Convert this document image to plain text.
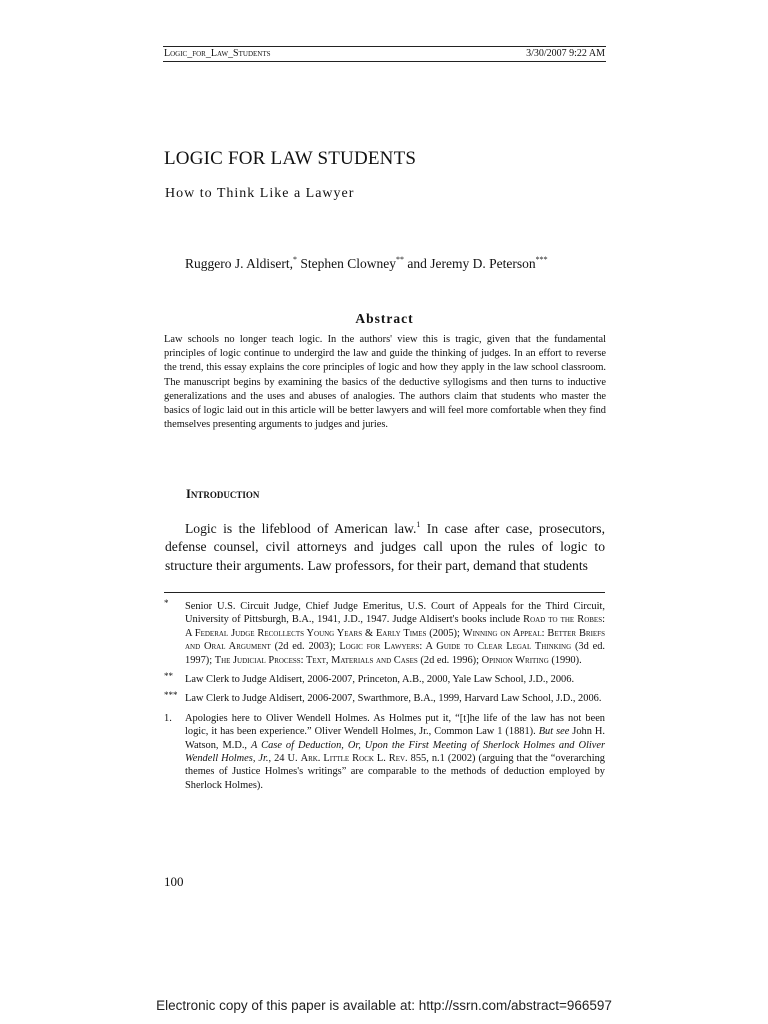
Logic_for_Law_Students	3/30/2007 9:22 AM
LOGIC FOR LAW STUDENTS
How to Think Like a Lawyer
Ruggero J. Aldisert,* Stephen Clowney** and Jeremy D. Peterson***
Abstract
Law schools no longer teach logic. In the authors' view this is tragic, given that the fundamental principles of logic continue to undergird the law and guide the thinking of judges. In an effort to reverse the trend, this essay explains the core principles of logic and how they apply in the law school classroom. The manuscript begins by examining the basics of the deductive syllogisms and then turns to inductive generalizations and the uses and abuses of analogies. The authors claim that students who master the basics of logic laid out in this article will be better lawyers and will feel more comfortable when they find themselves presenting arguments to judges and juries.
Introduction
Logic is the lifeblood of American law.$^1$ In case after case, prosecutors, defense counsel, civil attorneys and judges call upon the rules of logic to structure their arguments. Law professors, for their part, demand that students
* Senior U.S. Circuit Judge, Chief Judge Emeritus, U.S. Court of Appeals for the Third Circuit, University of Pittsburgh, B.A., 1941, J.D., 1947. Judge Aldisert's books include Road to the Robes: A Federal Judge Recollects Young Years & Early Times (2005); Winning on Appeal: Better Briefs and Oral Argument (2d ed. 2003); Logic for Lawyers: A Guide to Clear Legal Thinking (3d ed. 1997); The Judicial Process: Text, Materials and Cases (2d ed. 1996); Opinion Writing (1990).
** Law Clerk to Judge Aldisert, 2006-2007, Princeton, A.B., 2000, Yale Law School, J.D., 2006.
*** Law Clerk to Judge Aldisert, 2006-2007, Swarthmore, B.A., 1999, Harvard Law School, J.D., 2006.
1. Apologies here to Oliver Wendell Holmes. As Holmes put it, “[t]he life of the law has not been logic, it has been experience.” Oliver Wendell Holmes, Jr., Common Law 1 (1881). But see John H. Watson, M.D., A Case of Deduction, Or, Upon the First Meeting of Sherlock Holmes and Oliver Wendell Holmes, Jr., 24 U. Ark. Little Rock L. Rev. 855, n.1 (2002) (arguing that the “overarching themes of Justice Holmes's writings” are comparable to the methods of deduction employed by Sherlock Holmes).
100
Electronic copy of this paper is available at: http://ssrn.com/abstract=966597
